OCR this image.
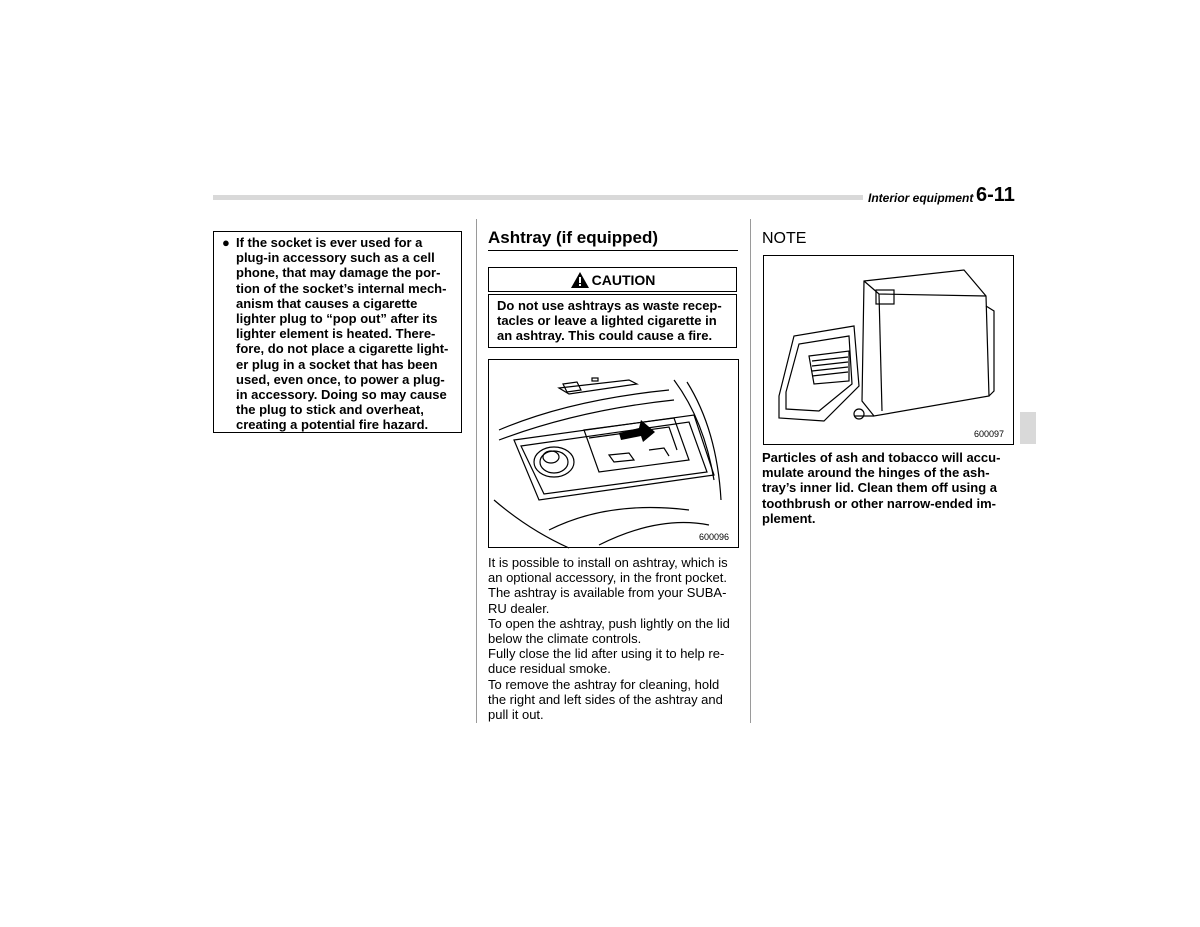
Interior equipment 6-11
● If the socket is ever used for a
plug-in accessory such as a cell
phone, that may damage the por-
tion of the socket’s internal mech-
anism that causes a cigarette
lighter plug to “pop out” after its
lighter element is heated. There-
fore, do not place a cigarette light-
er plug in a socket that has been
used, even once, to power a plug-
in accessory. Doing so may cause
the plug to stick and overheat,
creating a potential fire hazard.
Ashtray (if equipped)
CAUTION
Do not use ashtrays as waste recep-
tacles or leave a lighted cigarette in
an ashtray. This could cause a fire.
600096
It is possible to install on ashtray, which is
an optional accessory, in the front pocket.
The ashtray is available from your SUBA-
RU dealer.
To open the ashtray, push lightly on the lid
below the climate controls.
Fully close the lid after using it to help re-
duce residual smoke.
To remove the ashtray for cleaning, hold
the right and left sides of the ashtray and
pull it out.
NOTE
600097
Particles of ash and tobacco will accu-
mulate around the hinges of the ash-
tray’s inner lid. Clean them off using a
toothbrush or other narrow-ended im-
plement.
